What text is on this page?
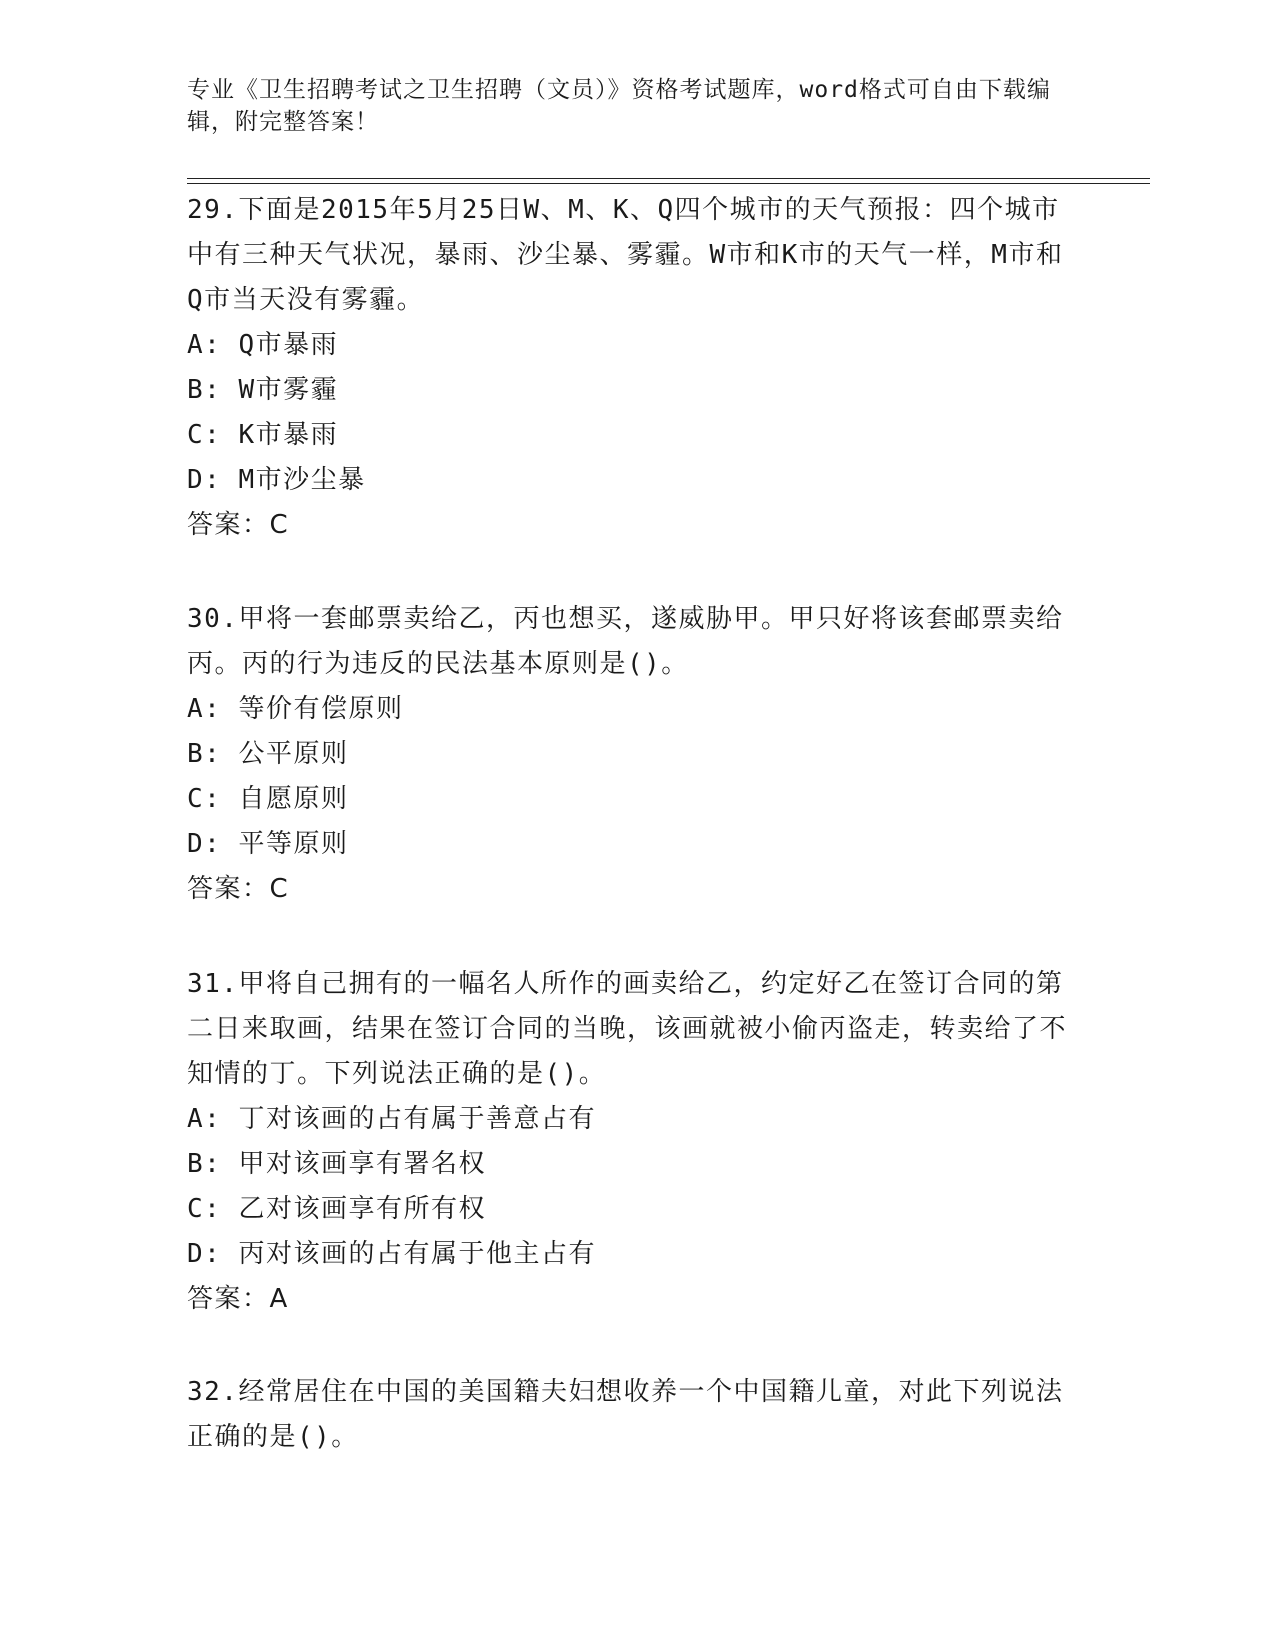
专业《卫生招聘考试之卫生招聘（文员）》资格考试题库，word格式可自由下载编辑，附完整答案！
29.下面是2015年5月25日W、M、K、Q四个城市的天气预报：四个城市中有三种天气状况，暴雨、沙尘暴、雾霾。W市和K市的天气一样，M市和Q市当天没有雾霾。
A: Q市暴雨
B: W市雾霾
C: K市暴雨
D: M市沙尘暴
答案：C
30.甲将一套邮票卖给乙，丙也想买，遂威胁甲。甲只好将该套邮票卖给丙。丙的行为违反的民法基本原则是()。
A: 等价有偿原则
B: 公平原则
C: 自愿原则
D: 平等原则
答案：C
31.甲将自己拥有的一幅名人所作的画卖给乙，约定好乙在签订合同的第二日来取画，结果在签订合同的当晚，该画就被小偷丙盗走，转卖给了不知情的丁。下列说法正确的是()。
A: 丁对该画的占有属于善意占有
B: 甲对该画享有署名权
C: 乙对该画享有所有权
D: 丙对该画的占有属于他主占有
答案：A
32.经常居住在中国的美国籍夫妇想收养一个中国籍儿童，对此下列说法正确的是()。
